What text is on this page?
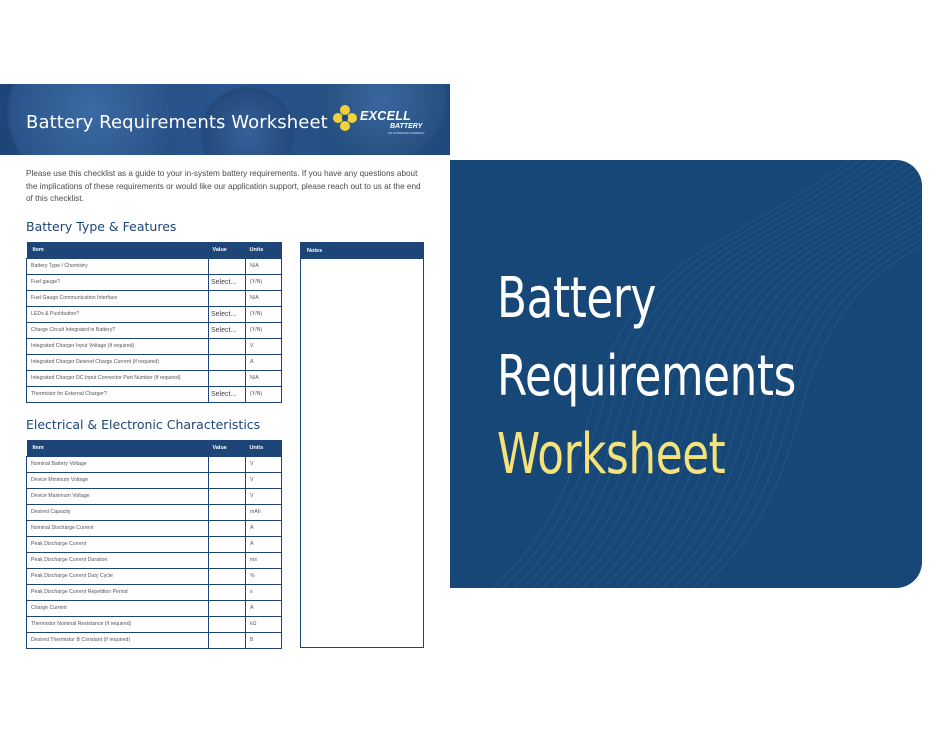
Battery Requirements Worksheet	EXCELL
BATTERY
AN ULTRALIFE COMPANY
Please use this checklist as a guide to your in-system battery requirements. If you have any questions about the implications of these requirements or would like our application support, please reach out to us at the end of this checklist.
Battery Type & Features
Item	Value	Units
Battery Type / Chemistry		N/A
Fuel gauge?	Select...	(Y/N)
Fuel Gauge Communication Interface		N/A
LEDs & Pushbutton?	Select...	(Y/N)
Charge Circuit Integrated in Battery?	Select...	(Y/N)
Integrated Charger Input Voltage (if required)		V
Integrated Charger Desired Charge Current (if required)		A
Integrated Charger DC Input Connector Part Number (if required)		N/A
Thermistor for External Charger?	Select...	(Y/N)
Electrical & Electronic Characteristics
Item	Value	Units
Nominal Battery Voltage		V
Device Minimum Voltage		V
Device Maximum Voltage		V
Desired Capacity		mAh
Nominal Discharge Current		A
Peak Discharge Current		A
Peak Discharge Current Duration		ms
Peak Discharge Current Duty Cycle		%
Peak Discharge Current Repetition Period		s
Charge Current		A
Thermistor Nominal Resistance (if required)		kΩ
Desired Thermistor B Constant (if required)		B
Notes
Battery
Requirements
Worksheet
